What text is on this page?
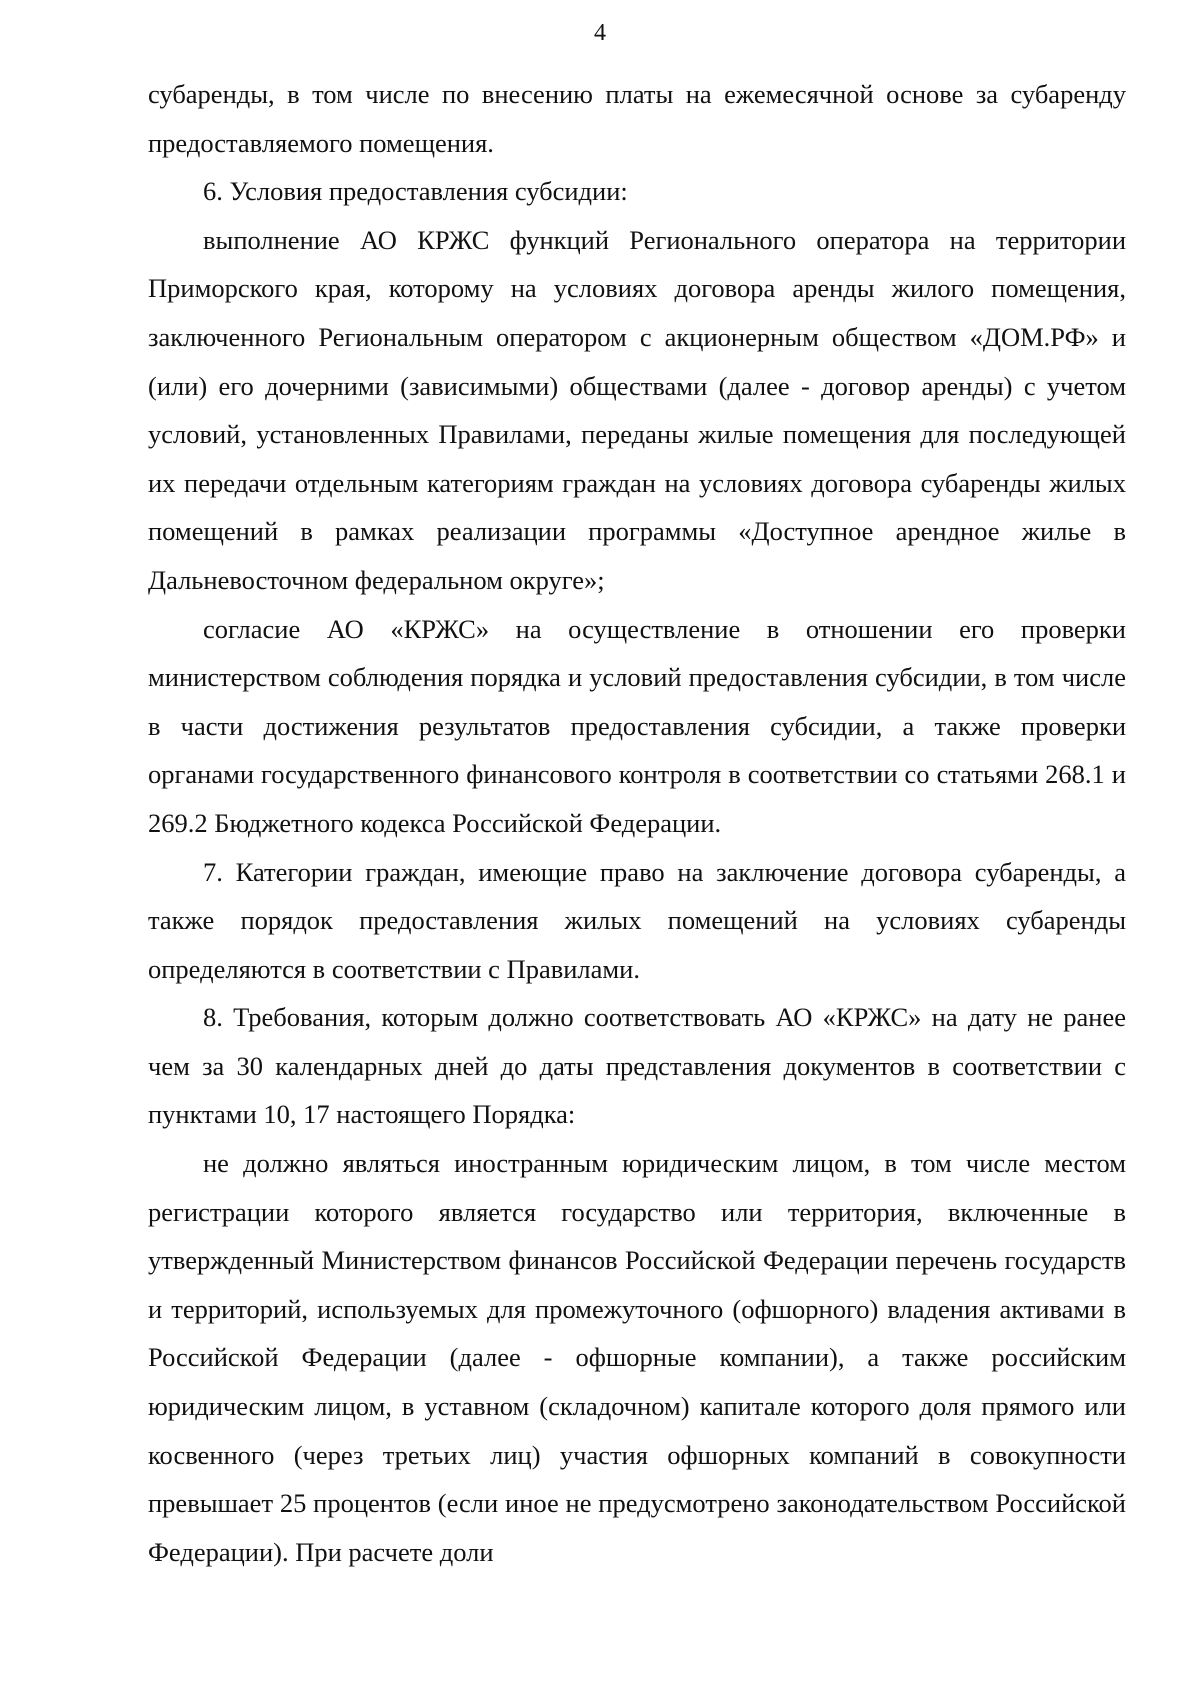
4

субаренды, в том числе по внесению платы на ежемесячной основе за субаренду предоставляемого помещения.

6. Условия предоставления субсидии:

выполнение АО КРЖС функций Регионального оператора на территории Приморского края, которому на условиях договора аренды жилого помещения, заключенного Региональным оператором с акционерным обществом «ДОМ.РФ» и (или) его дочерними (зависимыми) обществами (далее - договор аренды) с учетом условий, установленных Правилами, переданы жилые помещения для последующей их передачи отдельным категориям граждан на условиях договора субаренды жилых помещений в рамках реализации программы «Доступное арендное жилье в Дальневосточном федеральном округе»;

согласие АО «КРЖС» на осуществление в отношении его проверки министерством соблюдения порядка и условий предоставления субсидии, в том числе в части достижения результатов предоставления субсидии, а также проверки органами государственного финансового контроля в соответствии со статьями 268.1 и 269.2 Бюджетного кодекса Российской Федерации.

7. Категории граждан, имеющие право на заключение договора субаренды, а также порядок предоставления жилых помещений на условиях субаренды определяются в соответствии с Правилами.

8. Требования, которым должно соответствовать АО «КРЖС» на дату не ранее чем за 30 календарных дней до даты представления документов в соответствии с пунктами 10, 17 настоящего Порядка:

не должно являться иностранным юридическим лицом, в том числе местом регистрации которого является государство или территория, включенные в утвержденный Министерством финансов Российской Федерации перечень государств и территорий, используемых для промежуточного (офшорного) владения активами в Российской Федерации (далее - офшорные компании), а также российским юридическим лицом, в уставном (складочном) капитале которого доля прямого или косвенного (через третьих лиц) участия офшорных компаний в совокупности превышает 25 процентов (если иное не предусмотрено законодательством Российской Федерации). При расчете доли
